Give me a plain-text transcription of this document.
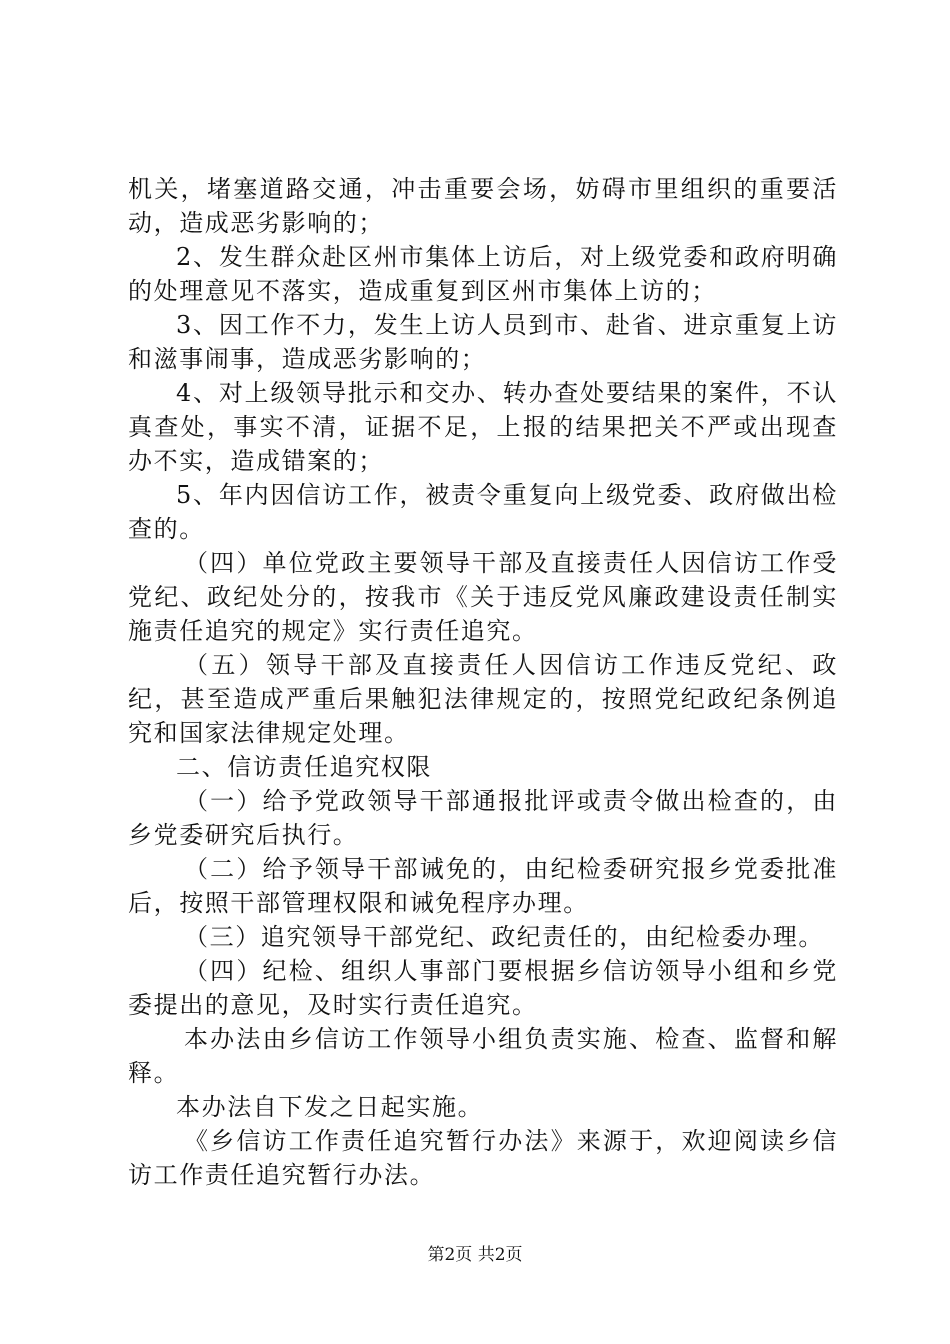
机关，堵塞道路交通，冲击重要会场，妨碍市里组织的重要活动，造成恶劣影响的；

2、发生群众赴区州市集体上访后，对上级党委和政府明确的处理意见不落实，造成重复到区州市集体上访的；

3、因工作不力，发生上访人员到市、赴省、进京重复上访和滋事闹事，造成恶劣影响的；

4、对上级领导批示和交办、转办查处要结果的案件，不认真查处，事实不清，证据不足，上报的结果把关不严或出现查办不实，造成错案的；

5、年内因信访工作，被责令重复向上级党委、政府做出检查的。

（四）单位党政主要领导干部及直接责任人因信访工作受党纪、政纪处分的，按我市《关于违反党风廉政建设责任制实施责任追究的规定》实行责任追究。

（五）领导干部及直接责任人因信访工作违反党纪、政纪，甚至造成严重后果触犯法律规定的，按照党纪政纪条例追究和国家法律规定处理。

二、信访责任追究权限

（一）给予党政领导干部通报批评或责令做出检查的，由乡党委研究后执行。

（二）给予领导干部诫免的，由纪检委研究报乡党委批准后，按照干部管理权限和诫免程序办理。

（三）追究领导干部党纪、政纪责任的，由纪检委办理。

（四）纪检、组织人事部门要根据乡信访领导小组和乡党委提出的意见，及时实行责任追究。

本办法由乡信访工作领导小组负责实施、检查、监督和解释。

本办法自下发之日起实施。

《乡信访工作责任追究暂行办法》来源于，欢迎阅读乡信访工作责任追究暂行办法。

第2页 共2页
